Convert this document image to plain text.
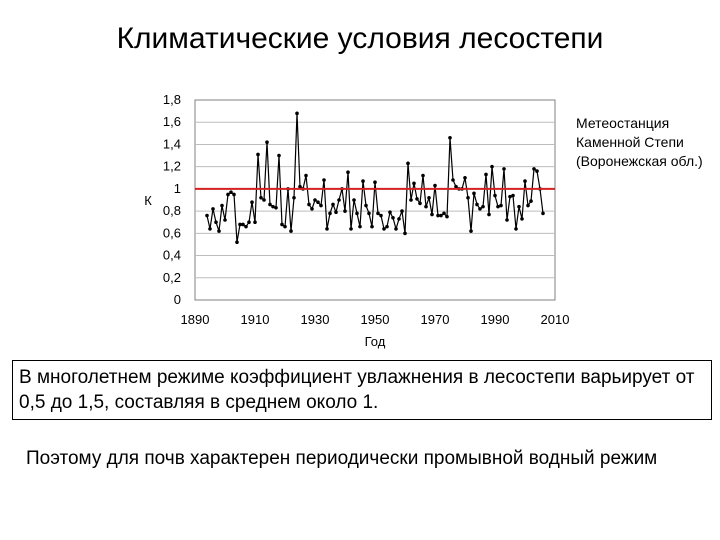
Климатические условия лесостепи
0
0,2
0,4
0,6
0,8
1
1,2
1,4
1,6
1,8
1890 1910 1930 1950 1970 1990 2010
Год
К
Метеостанция Каменной Степи (Воронежская обл.)
В многолетнем режиме коэффициент увлажнения в лесостепи варьирует от 0,5 до 1,5, составляя в среднем около 1.
Поэтому для почв характерен периодически промывной водный режим
